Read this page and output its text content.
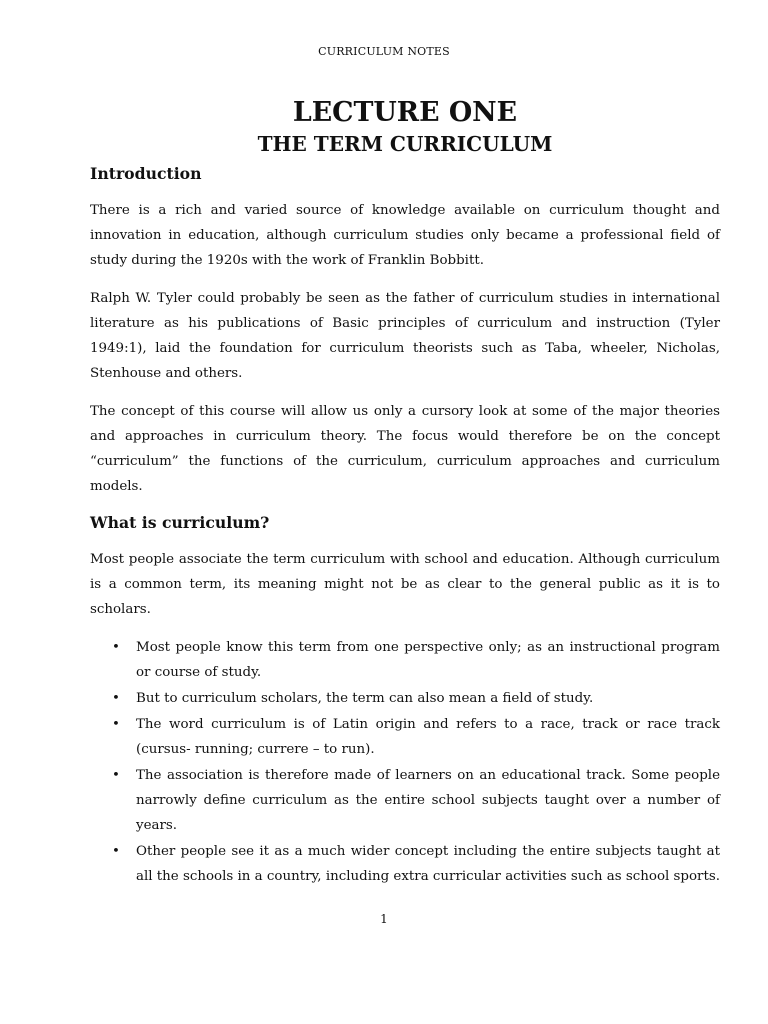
CURRICULUM NOTES
LECTURE ONE
THE TERM CURRICULUM
Introduction

There is a rich and varied source of knowledge available on curriculum thought and innovation in education, although curriculum studies only became a professional field of study during the 1920s with the work of Franklin Bobbitt.

Ralph W. Tyler could probably be seen as the father of curriculum studies in international literature as his publications of Basic principles of curriculum and instruction (Tyler 1949:1), laid the foundation for curriculum theorists such as Taba, wheeler, Nicholas, Stenhouse and others.

The concept of this course will allow us only a cursory look at some of the major theories and approaches in curriculum theory. The focus would therefore be on the concept “curriculum” the functions of the curriculum, curriculum approaches and curriculum models.

What is curriculum?

Most people associate the term curriculum with school and education. Although curriculum is a common term, its meaning might not be as clear to the general public as it is to scholars.

• Most people know this term from one perspective only; as an instructional program or course of study.
• But to curriculum scholars, the term can also mean a field of study.
• The word curriculum is of Latin origin and refers to a race, track or race track (cursus- running; currere – to run).
• The association is therefore made of learners on an educational track. Some people narrowly define curriculum as the entire school subjects taught over a number of years.
• Other people see it as a much wider concept including the entire subjects taught at all the schools in a country, including extra curricular activities such as school sports.
1
